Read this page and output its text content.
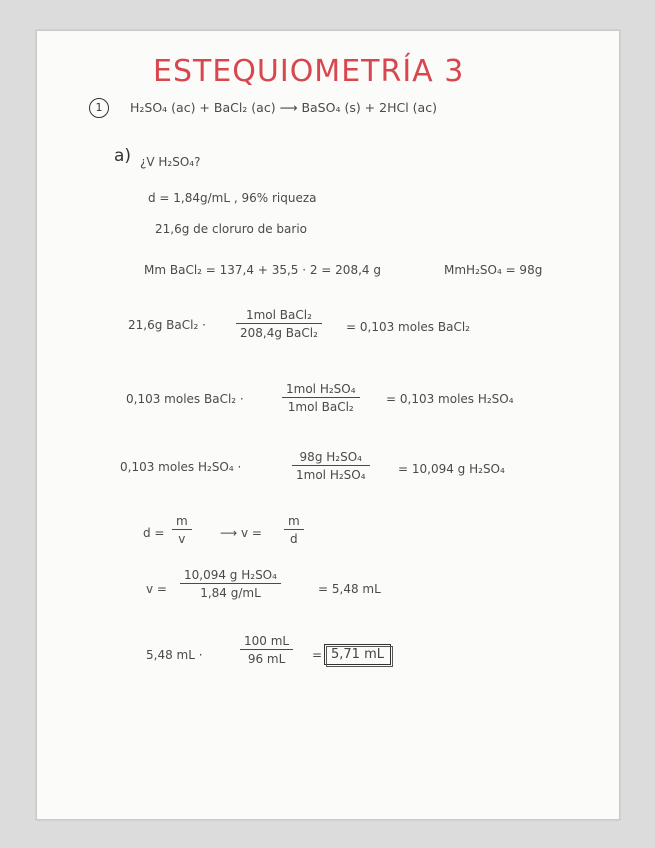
ESTEQUIOMETRÍA 3
1	H₂SO₄ (ac) + BaCl₂ (ac) ⟶ BaSO₄ (s) + 2HCl (ac)
a) ¿V H₂SO₄?
d = 1,84g/mL , 96% riqueza
21,6g de cloruro de bario
Mm BaCl₂ = 137,4 + 35,5 · 2 = 208,4 g	MmH₂SO₄ = 98g
21,6g BaCl₂ ·
1mol BaCl₂
208,4g BaCl₂	= 0,103 moles BaCl₂
0,103 moles BaCl₂ ·
1mol H₂SO₄
1mol BaCl₂
= 0,103 moles H₂SO₄
0,103 moles H₂SO₄ ·
98g H₂SO₄
1mol H₂SO₄	= 10,094 g H₂SO₄
$d = \frac{m}{v}$ ⟶ $v = \frac{m}{d}$
$v = \frac{\text{10,094 g H₂SO₄}}{1,84 g/mL}$	= 5,48 mL
5,48 mL ·	$\frac{100 mL}{96 mL} = 5,71$ mL
